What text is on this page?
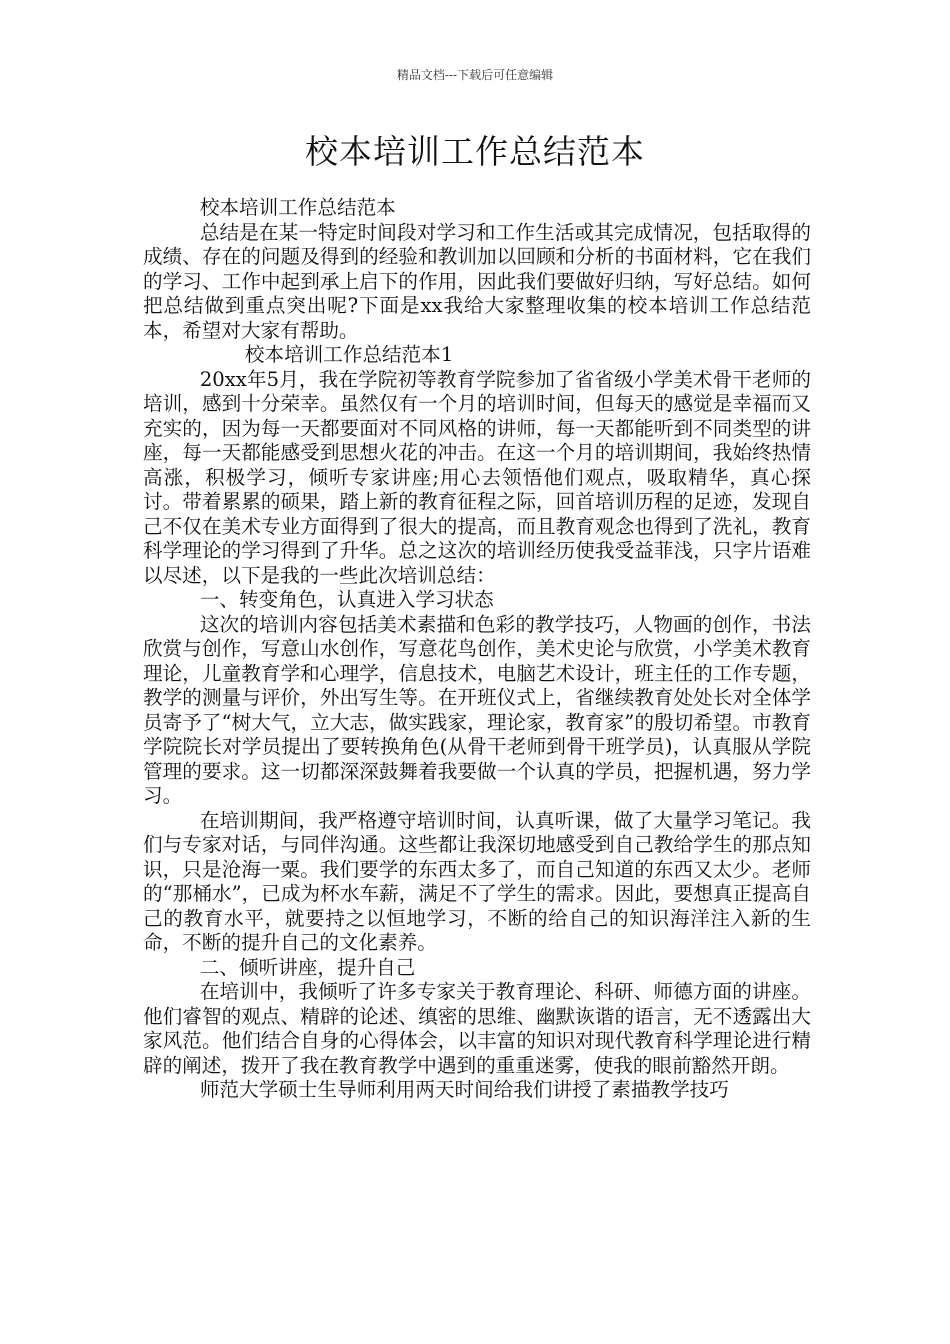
精品文档---下载后可任意编辑
校本培训工作总结范本

校本培训工作总结范本

总结是在某一特定时间段对学习和工作生活或其完成情况，包括取得的成绩、存在的问题及得到的经验和教训加以回顾和分析的书面材料，它在我们的学习、工作中起到承上启下的作用，因此我们要做好归纳，写好总结。如何把总结做到重点突出呢?下面是xx我给大家整理收集的校本培训工作总结范本，希望对大家有帮助。

校本培训工作总结范本1

20xx年5月，我在学院初等教育学院参加了省省级小学美术骨干老师的培训，感到十分荣幸。虽然仅有一个月的培训时间，但每天的感觉是幸福而又充实的，因为每一天都要面对不同风格的讲师，每一天都能听到不同类型的讲座，每一天都能感受到思想火花的冲击。在这一个月的培训期间，我始终热情高涨，积极学习，倾听专家讲座;用心去领悟他们观点，吸取精华，真心探讨。带着累累的硕果，踏上新的教育征程之际，回首培训历程的足迹，发现自己不仅在美术专业方面得到了很大的提高，而且教育观念也得到了洗礼，教育科学理论的学习得到了升华。总之这次的培训经历使我受益菲浅，只字片语难以尽述，以下是我的一些此次培训总结：

一、转变角色，认真进入学习状态

这次的培训内容包括美术素描和色彩的教学技巧，人物画的创作，书法欣赏与创作，写意山水创作，写意花鸟创作，美术史论与欣赏，小学美术教育理论，儿童教育学和心理学，信息技术，电脑艺术设计，班主任的工作专题，教学的测量与评价，外出写生等。在开班仪式上，省继续教育处处长对全体学员寄予了“树大气，立大志，做实践家，理论家，教育家”的殷切希望。市教育学院院长对学员提出了要转换角色(从骨干老师到骨干班学员)，认真服从学院管理的要求。这一切都深深鼓舞着我要做一个认真的学员，把握机遇，努力学习。

在培训期间，我严格遵守培训时间，认真听课，做了大量学习笔记。我们与专家对话，与同伴沟通。这些都让我深切地感受到自己教给学生的那点知识，只是沧海一粟。我们要学的东西太多了，而自己知道的东西又太少。老师的“那桶水”，已成为杯水车薪，满足不了学生的需求。因此，要想真正提高自己的教育水平，就要持之以恒地学习，不断的给自己的知识海洋注入新的生命，不断的提升自己的文化素养。

二、倾听讲座，提升自己

在培训中，我倾听了许多专家关于教育理论、科研、师德方面的讲座。他们睿智的观点、精辟的论述、缜密的思维、幽默诙谐的语言，无不透露出大家风范。他们结合自身的心得体会，以丰富的知识对现代教育科学理论进行精辟的阐述，拨开了我在教育教学中遇到的重重迷雾，使我的眼前豁然开朗。

师范大学硕士生导师利用两天时间给我们讲授了素描教学技巧
